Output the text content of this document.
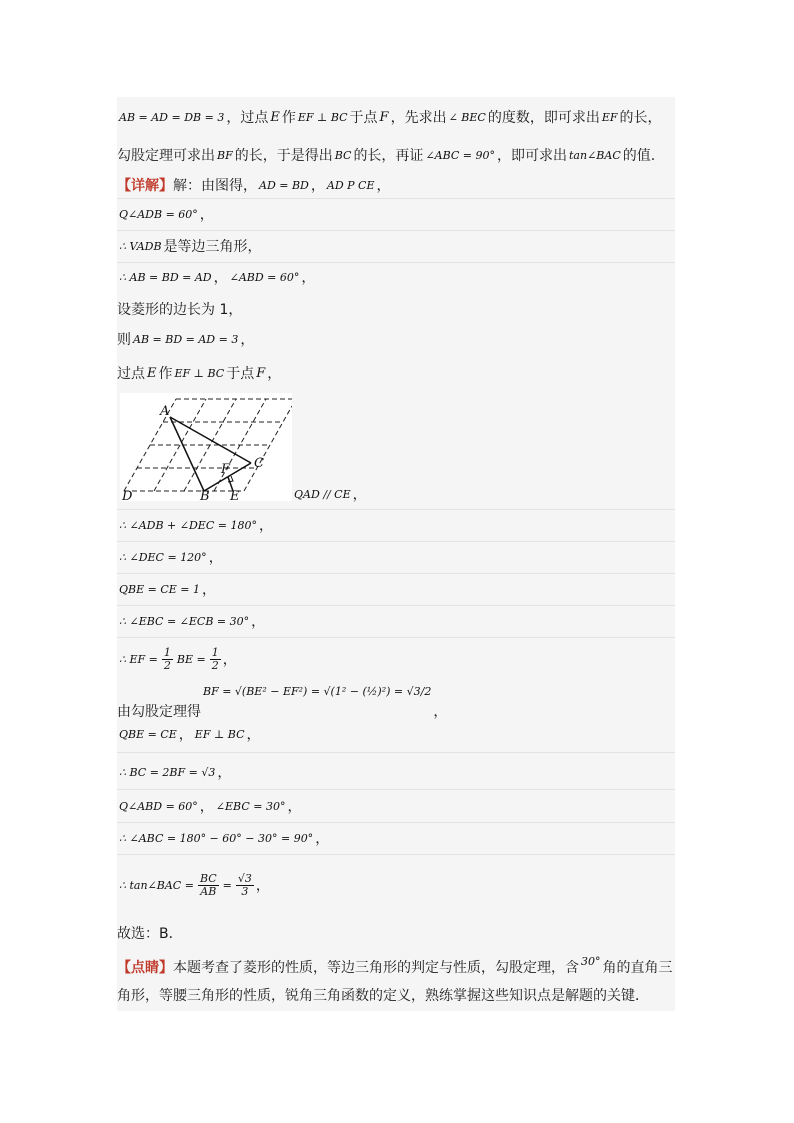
AB = AD = DB = 3 ，过点 E 作 EF ⊥ BC 于点 F ，先求出 ∠ BEC 的度数，即可求出 EF 的长，
勾股定理可求出 BF 的长，于是得出 BC 的长，再证 ∠ABC = 90° ，即可求出 tan∠BAC 的值.
【详解】 解：由图得， AD = BD ， AD P CE ，
Q∠ADB = 60° ，
∴ VADB 是等边三角形，
∴ AB = BD = AD ， ∠ABD = 60° ，
设菱形的边长为 1，
则 AB = BD = AD = 3 ，
过点 E 作 EF ⊥ BC 于点 F ，
A
B
C
D	E
F
QAD // CE ，
∴ ∠ADB + ∠DEC = 180° ，
∴ ∠DEC = 120° ，
QBE = CE = 1 ，
∴ ∠EBC = ∠ECB = 30° ，
∴ EF = $\frac{1}{2}$ BE = $\frac{1}{2}$ ，
由勾股定理得
BF = √(BE² − EF²) = √(1² − (½)²) = √3/2
，
QBE = CE ， EF ⊥ BC ，
∴ BC = 2BF = √3 ，
Q∠ABD = 60° ， ∠EBC = 30° ，
∴ ∠ABC = 180° − 60° − 30° = 90° ，
∴ tan∠BAC = $\frac{BC}{AB} = \frac{√3}{3}$ ，
故选：B．
【点睛】 本题考查了菱形的性质，等边三角形的判定与性质，勾股定理，含 30° 角的直角三
角形，等腰三角形的性质，锐角三角函数的定义，熟练掌握这些知识点是解题的关键．
